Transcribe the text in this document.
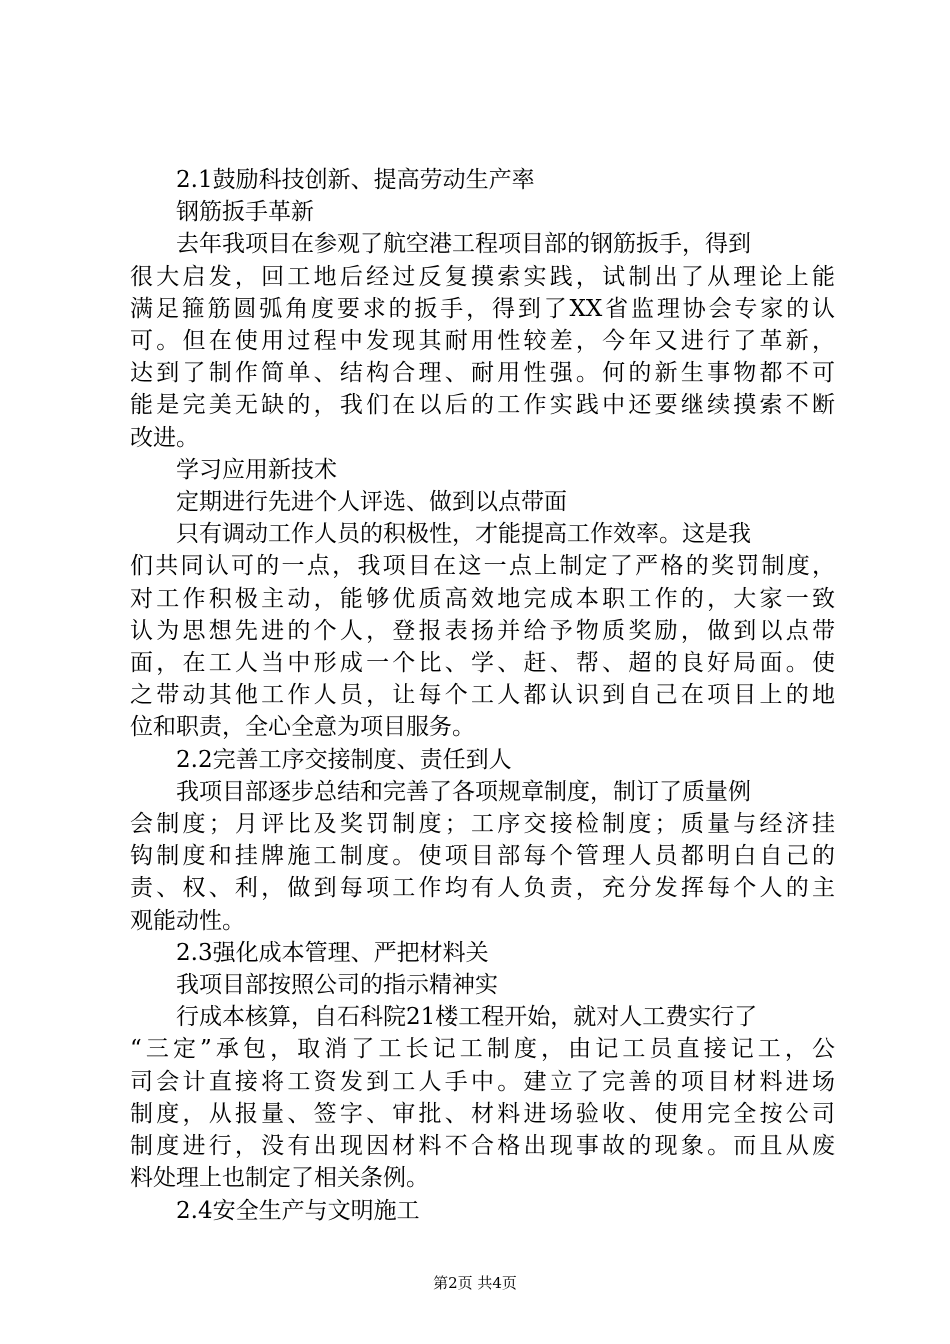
2.1鼓励科技创新、提高劳动生产率

钢筋扳手革新

去年我项目在参观了航空港工程项目部的钢筋扳手，得到

很大启发，回工地后经过反复摸索实践，试制出了从理论上能

满足箍筋圆弧角度要求的扳手，得到了XX省监理协会专家的认

可。但在使用过程中发现其耐用性较差，今年又进行了革新，

达到了制作简单、结构合理、耐用性强。何的新生事物都不可

能是完美无缺的，我们在以后的工作实践中还要继续摸索不断

改进。

学习应用新技术

定期进行先进个人评选、做到以点带面

只有调动工作人员的积极性，才能提高工作效率。这是我

们共同认可的一点，我项目在这一点上制定了严格的奖罚制度，

对工作积极主动，能够优质高效地完成本职工作的，大家一致

认为思想先进的个人，登报表扬并给予物质奖励，做到以点带

面，在工人当中形成一个比、学、赶、帮、超的良好局面。使

之带动其他工作人员，让每个工人都认识到自己在项目上的地

位和职责，全心全意为项目服务。

2.2完善工序交接制度、责任到人

我项目部逐步总结和完善了各项规章制度，制订了质量例

会制度；月评比及奖罚制度；工序交接检制度；质量与经济挂

钩制度和挂牌施工制度。使项目部每个管理人员都明白自己的

责、权、利，做到每项工作均有人负责，充分发挥每个人的主

观能动性。

2.3强化成本管理、严把材料关

我项目部按照公司的指示精神实

行成本核算，自石科院21楼工程开始，就对人工费实行了

“三定”承包，取消了工长记工制度，由记工员直接记工，公

司会计直接将工资发到工人手中。建立了完善的项目材料进场

制度，从报量、签字、审批、材料进场验收、使用完全按公司

制度进行，没有出现因材料不合格出现事故的现象。而且从废

料处理上也制定了相关条例。

2.4安全生产与文明施工

第2页 共4页
